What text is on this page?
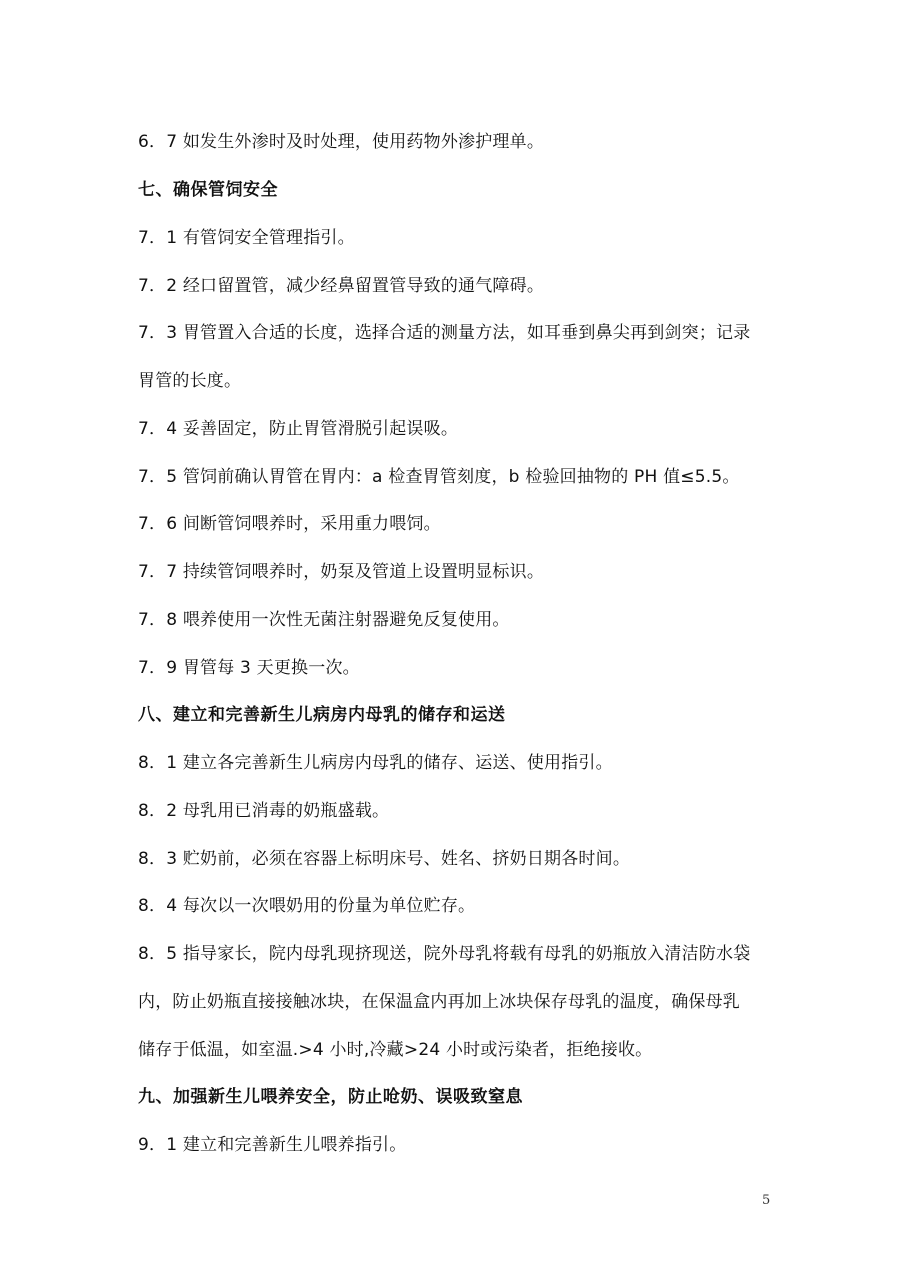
6．7 如发生外渗时及时处理，使用药物外渗护理单。
七、确保管饲安全
7．1 有管饲安全管理指引。
7．2 经口留置管，减少经鼻留置管导致的通气障碍。
7．3 胃管置入合适的长度，选择合适的测量方法，如耳垂到鼻尖再到剑突；记录
胃管的长度。
7．4 妥善固定，防止胃管滑脱引起误吸。
7．5 管饲前确认胃管在胃内：a 检查胃管刻度，b 检验回抽物的 PH 值≤5.5。
7．6 间断管饲喂养时，采用重力喂饲。
7．7 持续管饲喂养时，奶泵及管道上设置明显标识。
7．8 喂养使用一次性无菌注射器避免反复使用。
7．9 胃管每 3 天更换一次。
八、建立和完善新生儿病房内母乳的储存和运送
8．1 建立各完善新生儿病房内母乳的储存、运送、使用指引。
8．2 母乳用已消毒的奶瓶盛载。
8．3 贮奶前，必须在容器上标明床号、姓名、挤奶日期各时间。
8．4 每次以一次喂奶用的份量为单位贮存。
8．5 指导家长，院内母乳现挤现送，院外母乳将载有母乳的奶瓶放入清洁防水袋
内，防止奶瓶直接接触冰块，在保温盒内再加上冰块保存母乳的温度，确保母乳
储存于低温，如室温.>4 小时,冷藏>24 小时或污染者，拒绝接收。
九、加强新生儿喂养安全，防止呛奶、误吸致窒息
9．1 建立和完善新生儿喂养指引。
5
